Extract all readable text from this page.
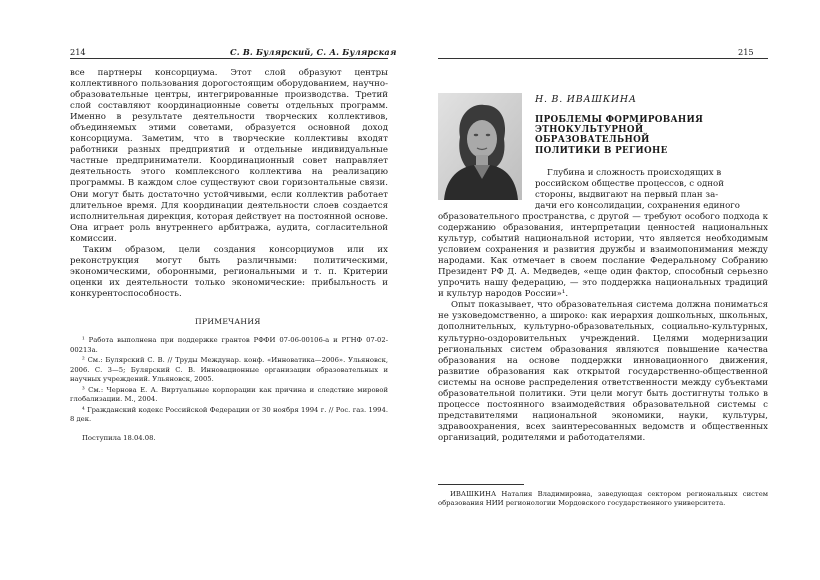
214	С. В. Булярский, С. А. Булярская

все партнеры консорциума. Этот слой образуют центры коллективного пользования дорогостоящим оборудованием, научно-образовательные центры, интегрированные производства. Третий слой составляют координационные советы отдельных программ. Именно в результате деятельности творческих коллективов, объединяемых этими советами, образуется основной доход консорциума. Заметим, что в творческие коллективы входят работники разных предприятий и отдельные индивидуальные частные предприниматели. Координационный совет направляет деятельность этого комплексного коллектива на реализацию программы. В каждом слое существуют свои горизонтальные связи. Они могут быть достаточно устойчивыми, если коллектив работает длительное время. Для координации деятельности слоев создается исполнительная дирекция, которая действует на постоянной основе. Она играет роль внутреннего арбитража, аудита, согласительной комиссии.

Таким образом, цели создания консорциумов или их реконструкция могут быть различными: политическими, экономическими, оборонными, региональными и т. п. Критерии оценки их деятельности только экономические: прибыльность и конкурентоспособность.

ПРИМЕЧАНИЯ

¹ Работа выполнена при поддержке грантов РФФИ 07-06-00106-а и РГНФ 07-02-00213а.

² См.: Булярский С. В. // Труды Междунар. конф. «Инноватика—2006». Ульяновск, 2006. С. 3—5; Булярский С. В. Инновационные организации образовательных и научных учреждений. Ульяновск, 2005.

³ См.: Чернова Е. А. Виртуальные корпорации как причина и следствие мировой глобализации. М., 2004.

⁴ Гражданский кодекс Российской Федерации от 30 ноября 1994 г. // Рос. газ. 1994. 8 дек.

Поступила 18.04.08.

215
Н. В. ИВАШКИНА
ПРОБЛЕМЫ ФОРМИРОВАНИЯ
ЭТНОКУЛЬТУРНОЙ
ОБРАЗОВАТЕЛЬНОЙ
ПОЛИТИКИ В РЕГИОНЕ
Глубина и сложность происходящих в
российском обществе процессов, с одной
стороны, выдвигают на первый план за-
дачи его консолидации, сохранения единого

образовательного пространства, с другой — требуют особого подхода к содержанию образования, интерпретации ценностей национальных культур, событий национальной истории, что является необходимым условием сохранения и развития дружбы и взаимопонимания между народами. Как отмечает в своем послание Федеральному Собранию Президент РФ Д. А. Медведев, «еще один фактор, способный серьезно упрочить нашу федерацию, — это поддержка национальных традиций и культур народов России»¹.

Опыт показывает, что образовательная система должна пониматься не узковедомственно, а широко: как иерархия дошкольных, школьных, дополнительных, культурно-образовательных, социально-культурных, культурно-оздоровительных учреждений. Целями модернизации региональных систем образования являются повышение качества образования на основе поддержки инновационного движения, развитие образования как открытой государственно-общественной системы на основе распределения ответственности между субъектами образовательной политики. Эти цели могут быть достигнуты только в процессе постоянного взаимодействия образовательной системы с представителями национальной экономики, науки, культуры, здравоохранения, всех заинтересованных ведомств и общественных организаций, родителями и работодателями.

ИВАШКИНА Наталия Владимировна, заведующая сектором региональных систем образования НИИ регионологии Мордовского государственного университета.
